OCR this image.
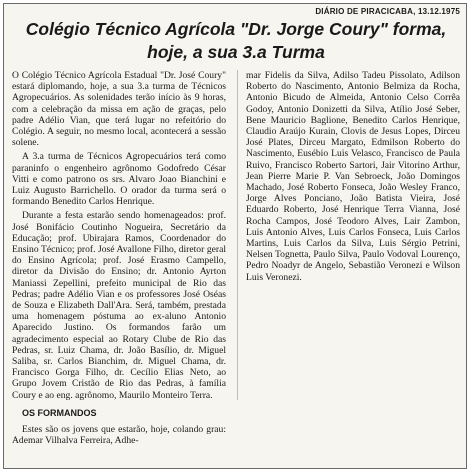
DIÁRIO DE PIRACICABA, 13.12.1975
Colégio Técnico Agrícola "Dr. Jorge Coury" forma, hoje, a sua 3.a Turma

O Colégio Técnico Agrícola Estadual "Dr. José Coury" estará diplomando, hoje, a sua 3.a turma de Técnicos Agropecuários. As solenidades terão início às 9 horas, com a celebração da missa em ação de graças, pelo padre Adélio Vian, que terá lugar no refeitório do Colégio. A seguir, no mesmo local, acontecerá a sessão solene.

A 3.a turma de Técnicos Agropecuários terá como paraninfo o engenheiro agrônomo Godofredo César Vitti e como patrono os srs. Alvaro Joao Bianchini e Luiz Augusto Barrichello. O orador da turma será o formando Benedito Carlos Henrique.

Durante a festa estarão sendo homenageados: prof. José Bonifácio Coutinho Nogueira, Secretário da Educação; prof. Ubirajara Ramos, Coordenador do Ensino Técnico; prof. José Avallone Filho, diretor geral do Ensino Agrícola; prof. José Erasmo Campello, diretor da Divisão do Ensino; dr. Antonio Ayrton Maniassi Zepellini, prefeito municipal de Rio das Pedras; padre Adélio Vian e os professores José Oséas de Souza e Elizabeth Dall'Ara. Será, também, prestada uma homenagem póstuma ao ex-aluno Antonio Aparecido Justino. Os formandos farão um agradecimento especial ao Rotary Clube de Rio das Pedras, sr. Luiz Chama, dr. João Basílio, dr. Miguel Saliba, sr. Carlos Bianchim, dr. Miguel Chama, dr. Francisco Gorga Filho, dr. Cecílio Elias Neto, ao Grupo Jovem Cristão de Rio das Pedras, à família Coury e ao eng. agrônomo, Maurilo Monteiro Terra.

OS FORMANDOS

Estes são os jovens que estarão, hoje, colando grau: Ademar Vilhalva Ferreira, Adhe-

mar Fidelis da Silva, Adilso Tadeu Pissolato, Adilson Roberto do Nascimento, Antonio Belmiza da Rocha, Antonio Bicudo de Almeida, Antonio Celso Corrêa Godoy, Antonio Donizetti da Silva, Atílio José Seber, Bene Mauricio Baglione, Benedito Carlos Henrique, Claudio Araújo Kurain, Clovis de Jesus Lopes, Dirceu José Plates, Dirceu Margato, Edmilson Roberto do Nascimento, Eusébio Luis Velasco, Francisco de Paula Ruivo, Francisco Roberto Sartori, Jair Vitorino Arthur, Jean Pierre Marie P. Van Sebroeck, João Domingos Machado, José Roberto Fonseca, João Wesley Franco, Jorge Alves Ponciano, João Batista Vieira, José Eduardo Roberto, José Henrique Terra Vianna, José Rocha Campos, José Teodoro Alves, Lair Zambon, Luis Antonio Alves, Luis Carlos Fonseca, Luis Carlos Martins, Luis Carlos da Silva, Luis Sérgio Petrini, Nelsen Tognetta, Paulo Silva, Paulo Vodoval Lourenço, Pedro Noadyr de Angelo, Sebastião Veronezi e Wilson Luis Veronezi.
